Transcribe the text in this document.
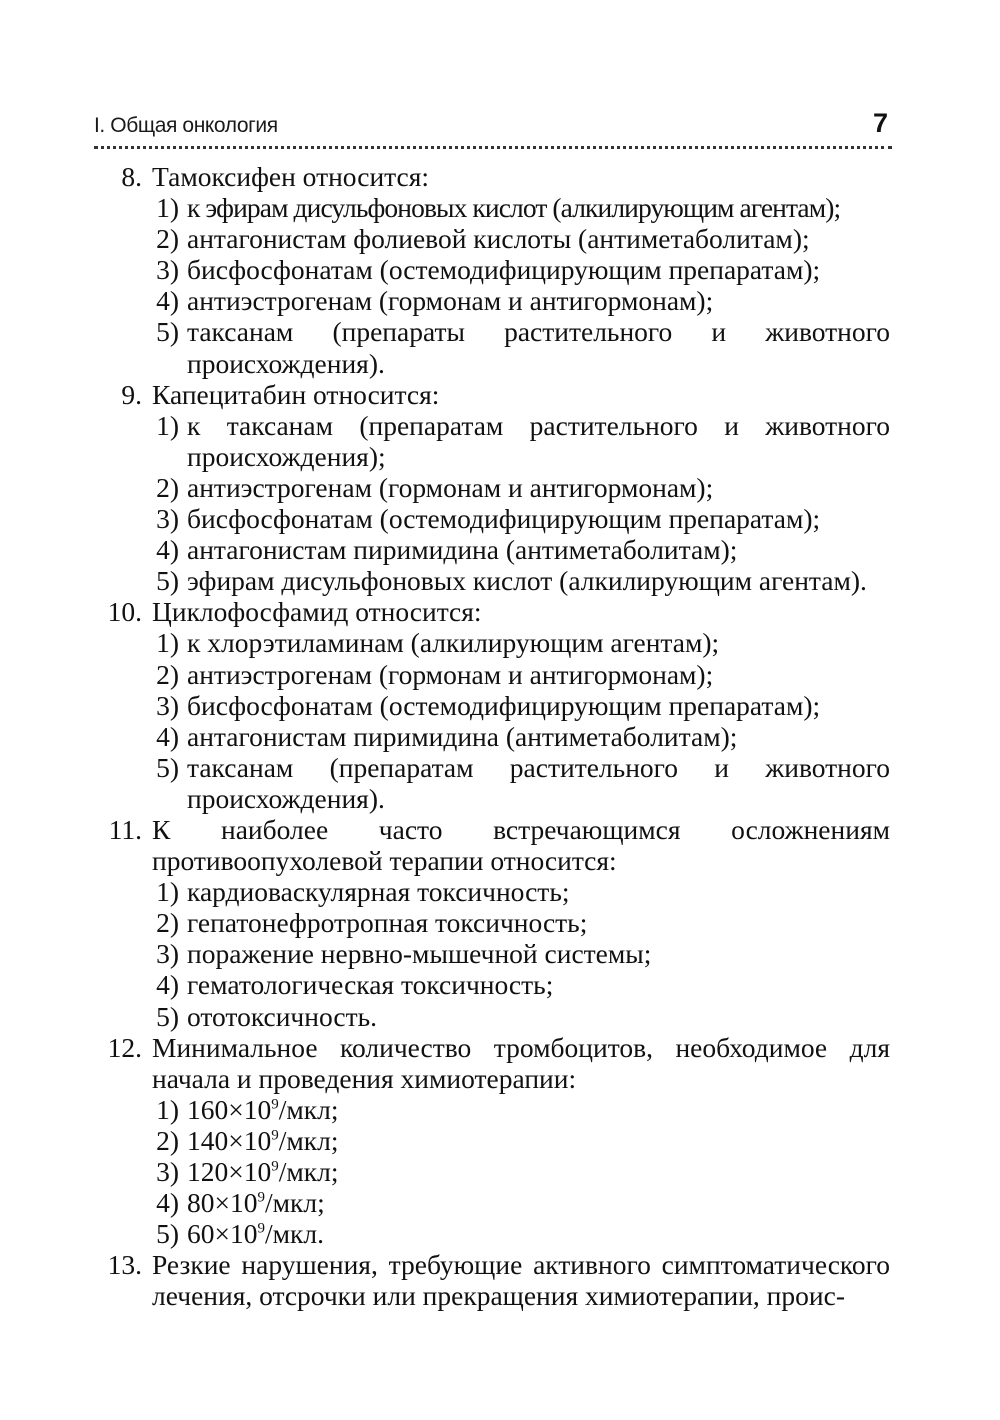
I. Общая онкология	7
8. Тамоксифен относится:
1) к эфирам дисульфоновых кислот (алкилирующим агентам);
2) антагонистам фолиевой кислоты (антиметаболитам);
3) бисфосфонатам (остемодифицирующим препаратам);
4) антиэстрогенам (гормонам и антигормонам);
5) таксанам (препараты растительного и животного происхождения).
9. Капецитабин относится:
1) к таксанам (препаратам растительного и животного происхождения);
2) антиэстрогенам (гормонам и антигормонам);
3) бисфосфонатам (остемодифицирующим препаратам);
4) антагонистам пиримидина (антиметаболитам);
5) эфирам дисульфоновых кислот (алкилирующим агентам).
10. Циклофосфамид относится:
1) к хлорэтиламинам (алкилирующим агентам);
2) антиэстрогенам (гормонам и антигормонам);
3) бисфосфонатам (остемодифицирующим препаратам);
4) антагонистам пиримидина (антиметаболитам);
5) таксанам (препаратам растительного и животного происхождения).
11. К наиболее часто встречающимся осложнениям противоопухолевой терапии относится:
1) кардиоваскулярная токсичность;
2) гепатонефротропная токсичность;
3) поражение нервно-мышечной системы;
4) гематологическая токсичность;
5) ототоксичность.
12. Минимальное количество тромбоцитов, необходимое для начала и проведения химиотерапии:
1) $160\times 10^9$/мкл;
2) $140\times 10^9$/мкл;
3) $120\times 10^9$/мкл;
4) $80\times 10^9$/мкл;
5) $60\times 10^9$/мкл.
13. Резкие нарушения, требующие активного симптоматического лечения, отсрочки или прекращения химиотерапии, проис-
